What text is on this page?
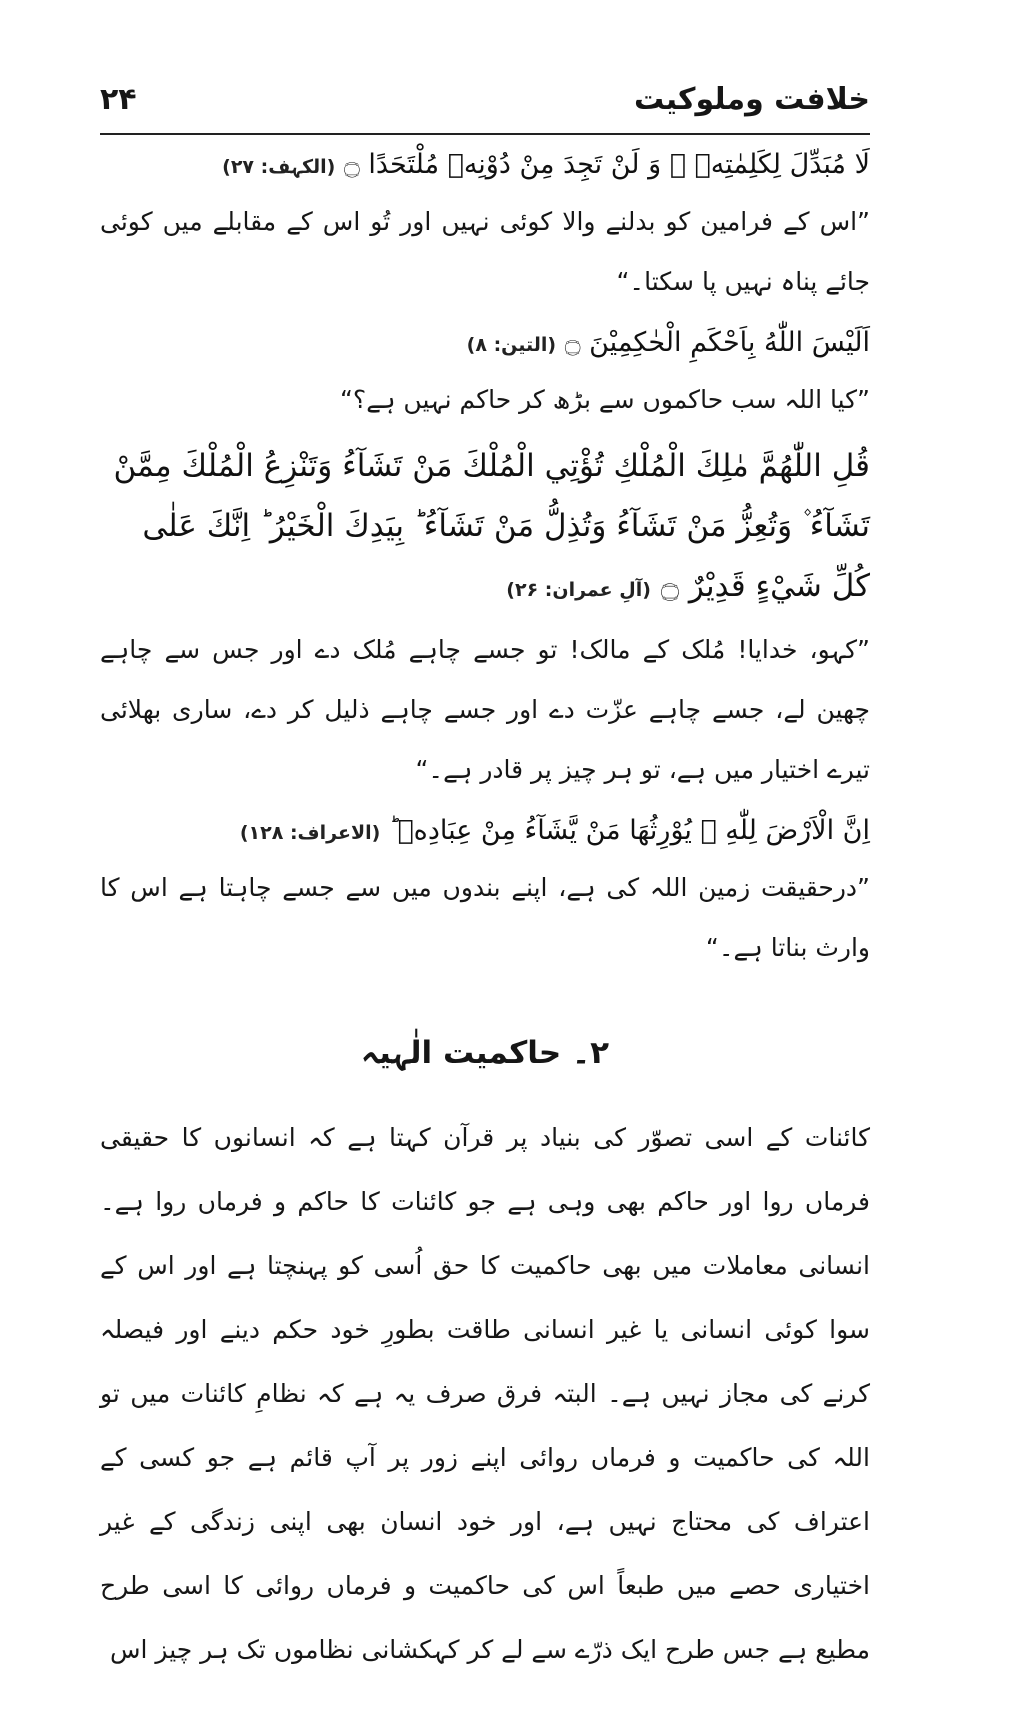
خلافت وملوکیت
۲۴

لَا مُبَدِّلَ لِكَلِمٰتِهٖ ۚ وَ لَنْ تَجِدَ مِنْ دُوْنِهٖ مُلْتَحَدًا ۝ (الکہف: ۲۷)

”اس کے فرامین کو بدلنے والا کوئی نہیں اور تُو اس کے مقابلے میں کوئی جائے پناہ نہیں پا سکتا۔“

اَلَيْسَ اللّٰهُ بِاَحْكَمِ الْحٰكِمِيْنَ ۝ (التین: ۸)

”کیا اللہ سب حاکموں سے بڑھ کر حاکم نہیں ہے؟“

قُلِ اللّٰهُمَّ مٰلِكَ الْمُلْكِ تُؤْتِي الْمُلْكَ مَنْ تَشَآءُ وَتَنْزِعُ الْمُلْكَ مِمَّنْ تَشَآءُ ۫ وَتُعِزُّ مَنْ تَشَآءُ وَتُذِلُّ مَنْ تَشَآءُ ؕ بِيَدِكَ الْخَيْرُ ؕ اِنَّكَ عَلٰى كُلِّ شَيْءٍ قَدِيْرٌ ۝ (آلِ عمران: ۲۶)

”کہو، خدایا! مُلک کے مالک! تو جسے چاہے مُلک دے اور جس سے چاہے چھین لے، جسے چاہے عزّت دے اور جسے چاہے ذلیل کر دے، ساری بھلائی تیرے اختیار میں ہے، تو ہر چیز پر قادر ہے۔“

اِنَّ الْاَرْضَ لِلّٰهِ ۙ يُوْرِثُهَا مَنْ يَّشَآءُ مِنْ عِبَادِهٖ ؕ (الاعراف: ۱۲۸)

”درحقیقت زمین اللہ کی ہے، اپنے بندوں میں سے جسے چاہتا ہے اس کا وارث بناتا ہے۔“

۲۔ حاکمیت الٰہیہ

کائنات کے اسی تصوّر کی بنیاد پر قرآن کہتا ہے کہ انسانوں کا حقیقی فرماں روا اور حاکم بھی وہی ہے جو کائنات کا حاکم و فرماں روا ہے۔ انسانی معاملات میں بھی حاکمیت کا حق اُسی کو پہنچتا ہے اور اس کے سوا کوئی انسانی یا غیر انسانی طاقت بطورِ خود حکم دینے اور فیصلہ کرنے کی مجاز نہیں ہے۔ البتہ فرق صرف یہ ہے کہ نظامِ کائنات میں تو اللہ کی حاکمیت و فرماں روائی اپنے زور پر آپ قائم ہے جو کسی کے اعتراف کی محتاج نہیں ہے، اور خود انسان بھی اپنی زندگی کے غیر اختیاری حصے میں طبعاً اس کی حاکمیت و فرماں روائی کا اسی طرح مطیع ہے جس طرح ایک ذرّے سے لے کر کہکشانی نظاموں تک ہر چیز اس
